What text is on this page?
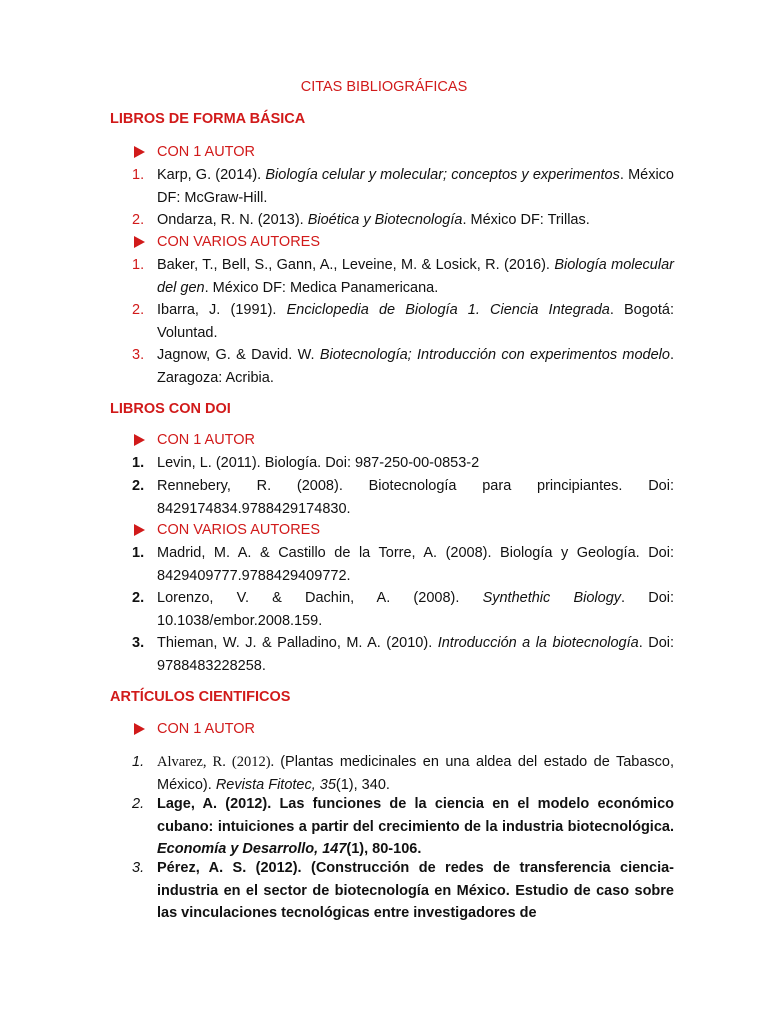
CITAS BIBLIOGRÁFICAS
LIBROS DE FORMA BÁSICA
CON 1 AUTOR
1. Karp, G. (2014). Biología celular y molecular; conceptos y experimentos. México DF: McGraw-Hill.
2. Ondarza, R. N. (2013). Bioética y Biotecnología. México DF: Trillas.
CON VARIOS AUTORES
1. Baker, T., Bell, S., Gann, A., Leveine, M. & Losick, R. (2016). Biología molecular del gen. México DF: Medica Panamericana.
2. Ibarra, J. (1991). Enciclopedia de Biología 1. Ciencia Integrada. Bogotá: Voluntad.
3. Jagnow, G. & David. W. Biotecnología; Introducción con experimentos modelo. Zaragoza: Acribia.
LIBROS CON DOI
CON 1 AUTOR
1. Levin, L. (2011). Biología. Doi: 987-250-00-0853-2
2. Rennebery, R. (2008). Biotecnología para principiantes. Doi: 8429174834.9788429174830.
CON VARIOS AUTORES
1. Madrid, M. A. & Castillo de la Torre, A. (2008). Biología y Geología. Doi: 8429409777.9788429409772.
2. Lorenzo, V. & Dachin, A. (2008). Synthethic Biology. Doi: 10.1038/embor.2008.159.
3. Thieman, W. J. & Palladino, M. A. (2010). Introducción a la biotecnología. Doi: 9788483228258.
ARTÍCULOS CIENTIFICOS
CON 1 AUTOR
1. Alvarez, R. (2012). (Plantas medicinales en una aldea del estado de Tabasco, México). Revista Fitotec, 35(1), 340.
2. Lage, A. (2012). Las funciones de la ciencia en el modelo económico cubano: intuiciones a partir del crecimiento de la industria biotecnológica. Economía y Desarrollo, 147(1), 80-106.
3. Pérez, A. S. (2012). (Construcción de redes de transferencia ciencia-industria en el sector de biotecnología en México. Estudio de caso sobre las vinculaciones tecnológicas entre investigadores de
